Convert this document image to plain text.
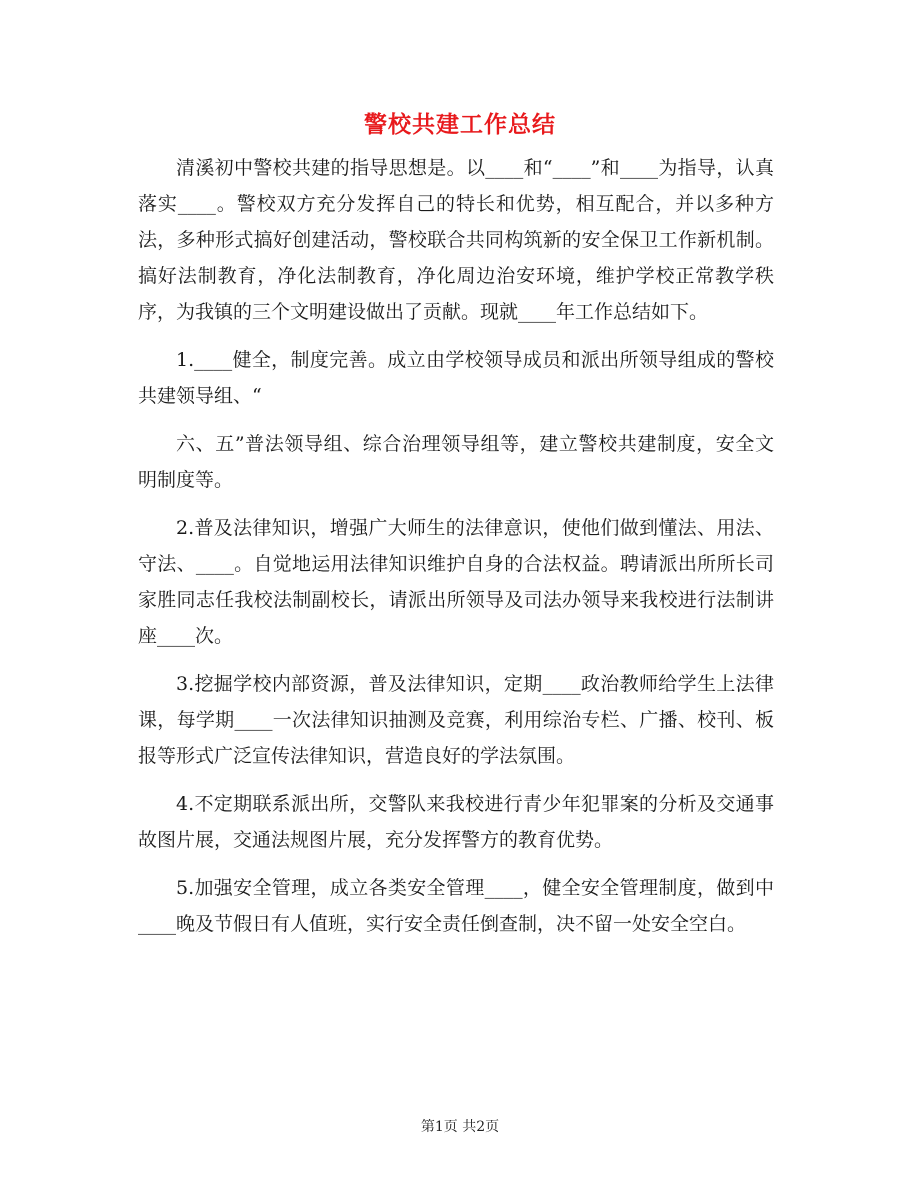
警校共建工作总结

清溪初中警校共建的指导思想是。以____和“____”和____为指导，认真落实____。警校双方充分发挥自己的特长和优势，相互配合，并以多种方法，多种形式搞好创建活动，警校联合共同构筑新的安全保卫工作新机制。搞好法制教育，净化法制教育，净化周边治安环境，维护学校正常教学秩序，为我镇的三个文明建设做出了贡献。现就____年工作总结如下。

1.____健全，制度完善。成立由学校领导成员和派出所领导组成的警校共建领导组、“

六、五”普法领导组、综合治理领导组等，建立警校共建制度，安全文明制度等。

2.普及法律知识，增强广大师生的法律意识，使他们做到懂法、用法、守法、____。自觉地运用法律知识维护自身的合法权益。聘请派出所所长司家胜同志任我校法制副校长，请派出所领导及司法办领导来我校进行法制讲座____次。

3.挖掘学校内部资源，普及法律知识，定期____政治教师给学生上法律课，每学期____一次法律知识抽测及竞赛，利用综治专栏、广播、校刊、板报等形式广泛宣传法律知识，营造良好的学法氛围。

4.不定期联系派出所，交警队来我校进行青少年犯罪案的分析及交通事故图片展，交通法规图片展，充分发挥警方的教育优势。

5.加强安全管理，成立各类安全管理____，健全安全管理制度，做到中____晚及节假日有人值班，实行安全责任倒查制，决不留一处安全空白。

第1页 共2页
